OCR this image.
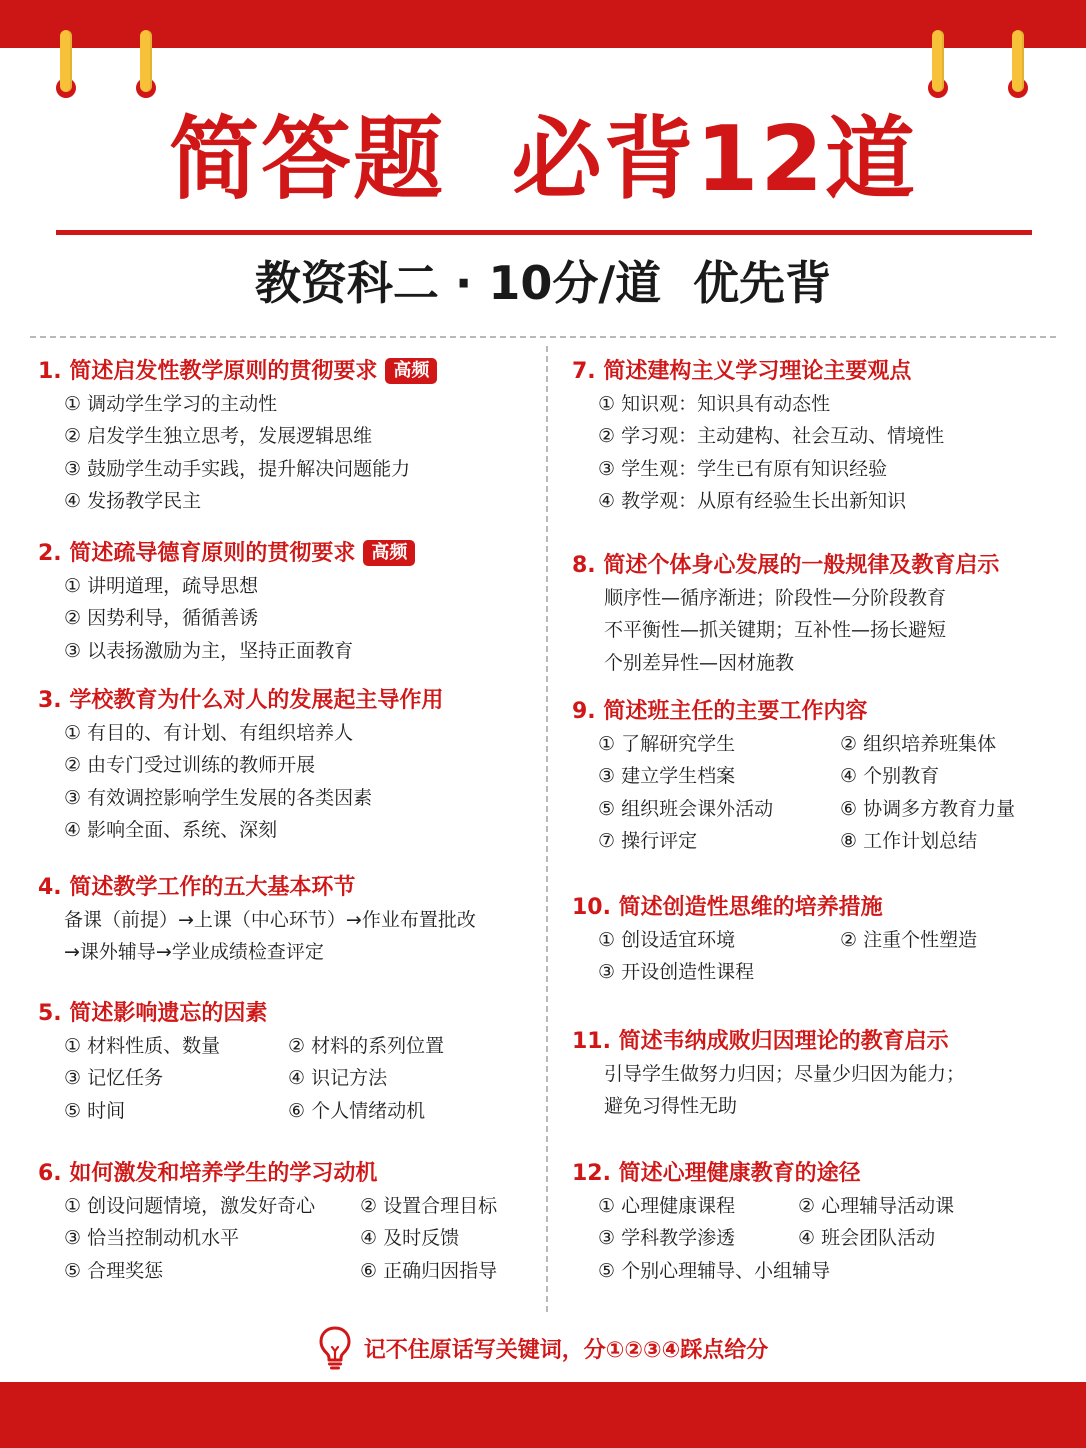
简答题  必背12道
教资科二 · 10分/道  优先背
1. 简述启发性教学原则的贯彻要求 高频
① 调动学生学习的主动性
② 启发学生独立思考，发展逻辑思维
③ 鼓励学生动手实践，提升解决问题能力
④ 发扬教学民主
2. 简述疏导德育原则的贯彻要求 高频
① 讲明道理，疏导思想
② 因势利导，循循善诱
③ 以表扬激励为主，坚持正面教育
3. 学校教育为什么对人的发展起主导作用
① 有目的、有计划、有组织培养人
② 由专门受过训练的教师开展
③ 有效调控影响学生发展的各类因素
④ 影响全面、系统、深刻
4. 简述教学工作的五大基本环节
备课（前提）→上课（中心环节）→作业布置批改
→课外辅导→学业成绩检查评定
5. 简述影响遗忘的因素
① 材料性质、数量	② 材料的系列位置
③ 记忆任务	④ 识记方法
⑤ 时间	⑥ 个人情绪动机
6. 如何激发和培养学生的学习动机
① 创设问题情境，激发好奇心	② 设置合理目标
③ 恰当控制动机水平	④ 及时反馈
⑤ 合理奖惩	⑥ 正确归因指导
7. 简述建构主义学习理论主要观点
① 知识观：知识具有动态性
② 学习观：主动建构、社会互动、情境性
③ 学生观：学生已有原有知识经验
④ 教学观：从原有经验生长出新知识
8. 简述个体身心发展的一般规律及教育启示
顺序性—循序渐进；阶段性—分阶段教育
不平衡性—抓关键期；互补性—扬长避短
个别差异性—因材施教
9. 简述班主任的主要工作内容
① 了解研究学生	② 组织培养班集体
③ 建立学生档案	④ 个别教育
⑤ 组织班会课外活动	⑥ 协调多方教育力量
⑦ 操行评定	⑧ 工作计划总结
10. 简述创造性思维的培养措施
① 创设适宜环境	② 注重个性塑造
③ 开设创造性课程
11. 简述韦纳成败归因理论的教育启示
引导学生做努力归因；尽量少归因为能力；
避免习得性无助
12. 简述心理健康教育的途径
① 心理健康课程	② 心理辅导活动课
③ 学科教学渗透	④ 班会团队活动
⑤ 个别心理辅导、小组辅导
记不住原话写关键词，分①②③④踩点给分
